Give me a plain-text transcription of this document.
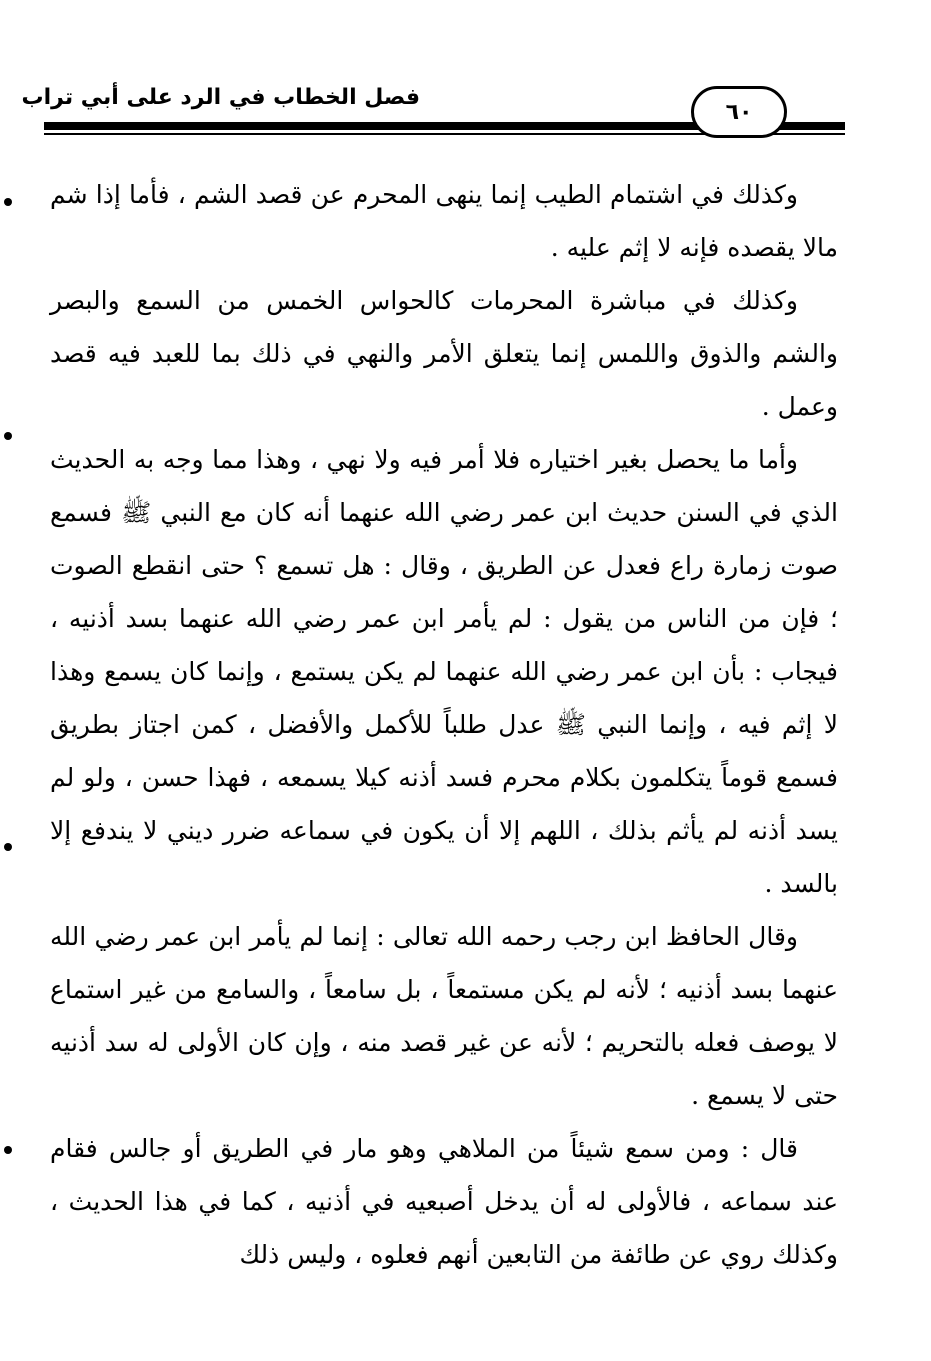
فصل الخطاب في الرد على أبي تراب
٦٠

وكذلك في اشتمام الطيب إنما ينهى المحرم عن قصد الشم ، فأما إذا شم مالا يقصده فإنه لا إثم عليه .

وكذلك في مباشرة المحرمات كالحواس الخمس من السمع والبصر والشم والذوق واللمس إنما يتعلق الأمر والنهي في ذلك بما للعبد فيه قصد وعمل .

وأما ما يحصل بغير اختياره فلا أمر فيه ولا نهي ، وهذا مما وجه به الحديث الذي في السنن حديث ابن عمر رضي الله عنهما أنه كان مع النبي ﷺ فسمع صوت زمارة راع فعدل عن الطريق ، وقال : هل تسمع ؟ حتى انقطع الصوت ؛ فإن من الناس من يقول : لم يأمر ابن عمر رضي الله عنهما بسد أذنيه ، فيجاب : بأن ابن عمر رضي الله عنهما لم يكن يستمع ، وإنما كان يسمع وهذا لا إثم فيه ، وإنما النبي ﷺ عدل طلباً للأكمل والأفضل ، كمن اجتاز بطريق فسمع قوماً يتكلمون بكلام محرم فسد أذنه كيلا يسمعه ، فهذا حسن ، ولو لم يسد أذنه لم يأثم بذلك ، اللهم إلا أن يكون في سماعه ضرر ديني لا يندفع إلا بالسد .

وقال الحافظ ابن رجب رحمه الله تعالى : إنما لم يأمر ابن عمر رضي الله عنهما بسد أذنيه ؛ لأنه لم يكن مستمعاً ، بل سامعاً ، والسامع من غير استماع لا يوصف فعله بالتحريم ؛ لأنه عن غير قصد منه ، وإن كان الأولى له سد أذنيه حتى لا يسمع .

قال : ومن سمع شيئاً من الملاهي وهو مار في الطريق أو جالس فقام عند سماعه ، فالأولى له أن يدخل أصبعيه في أذنيه ، كما في هذا الحديث ، وكذلك روي عن طائفة من التابعين أنهم فعلوه ، وليس ذلك
